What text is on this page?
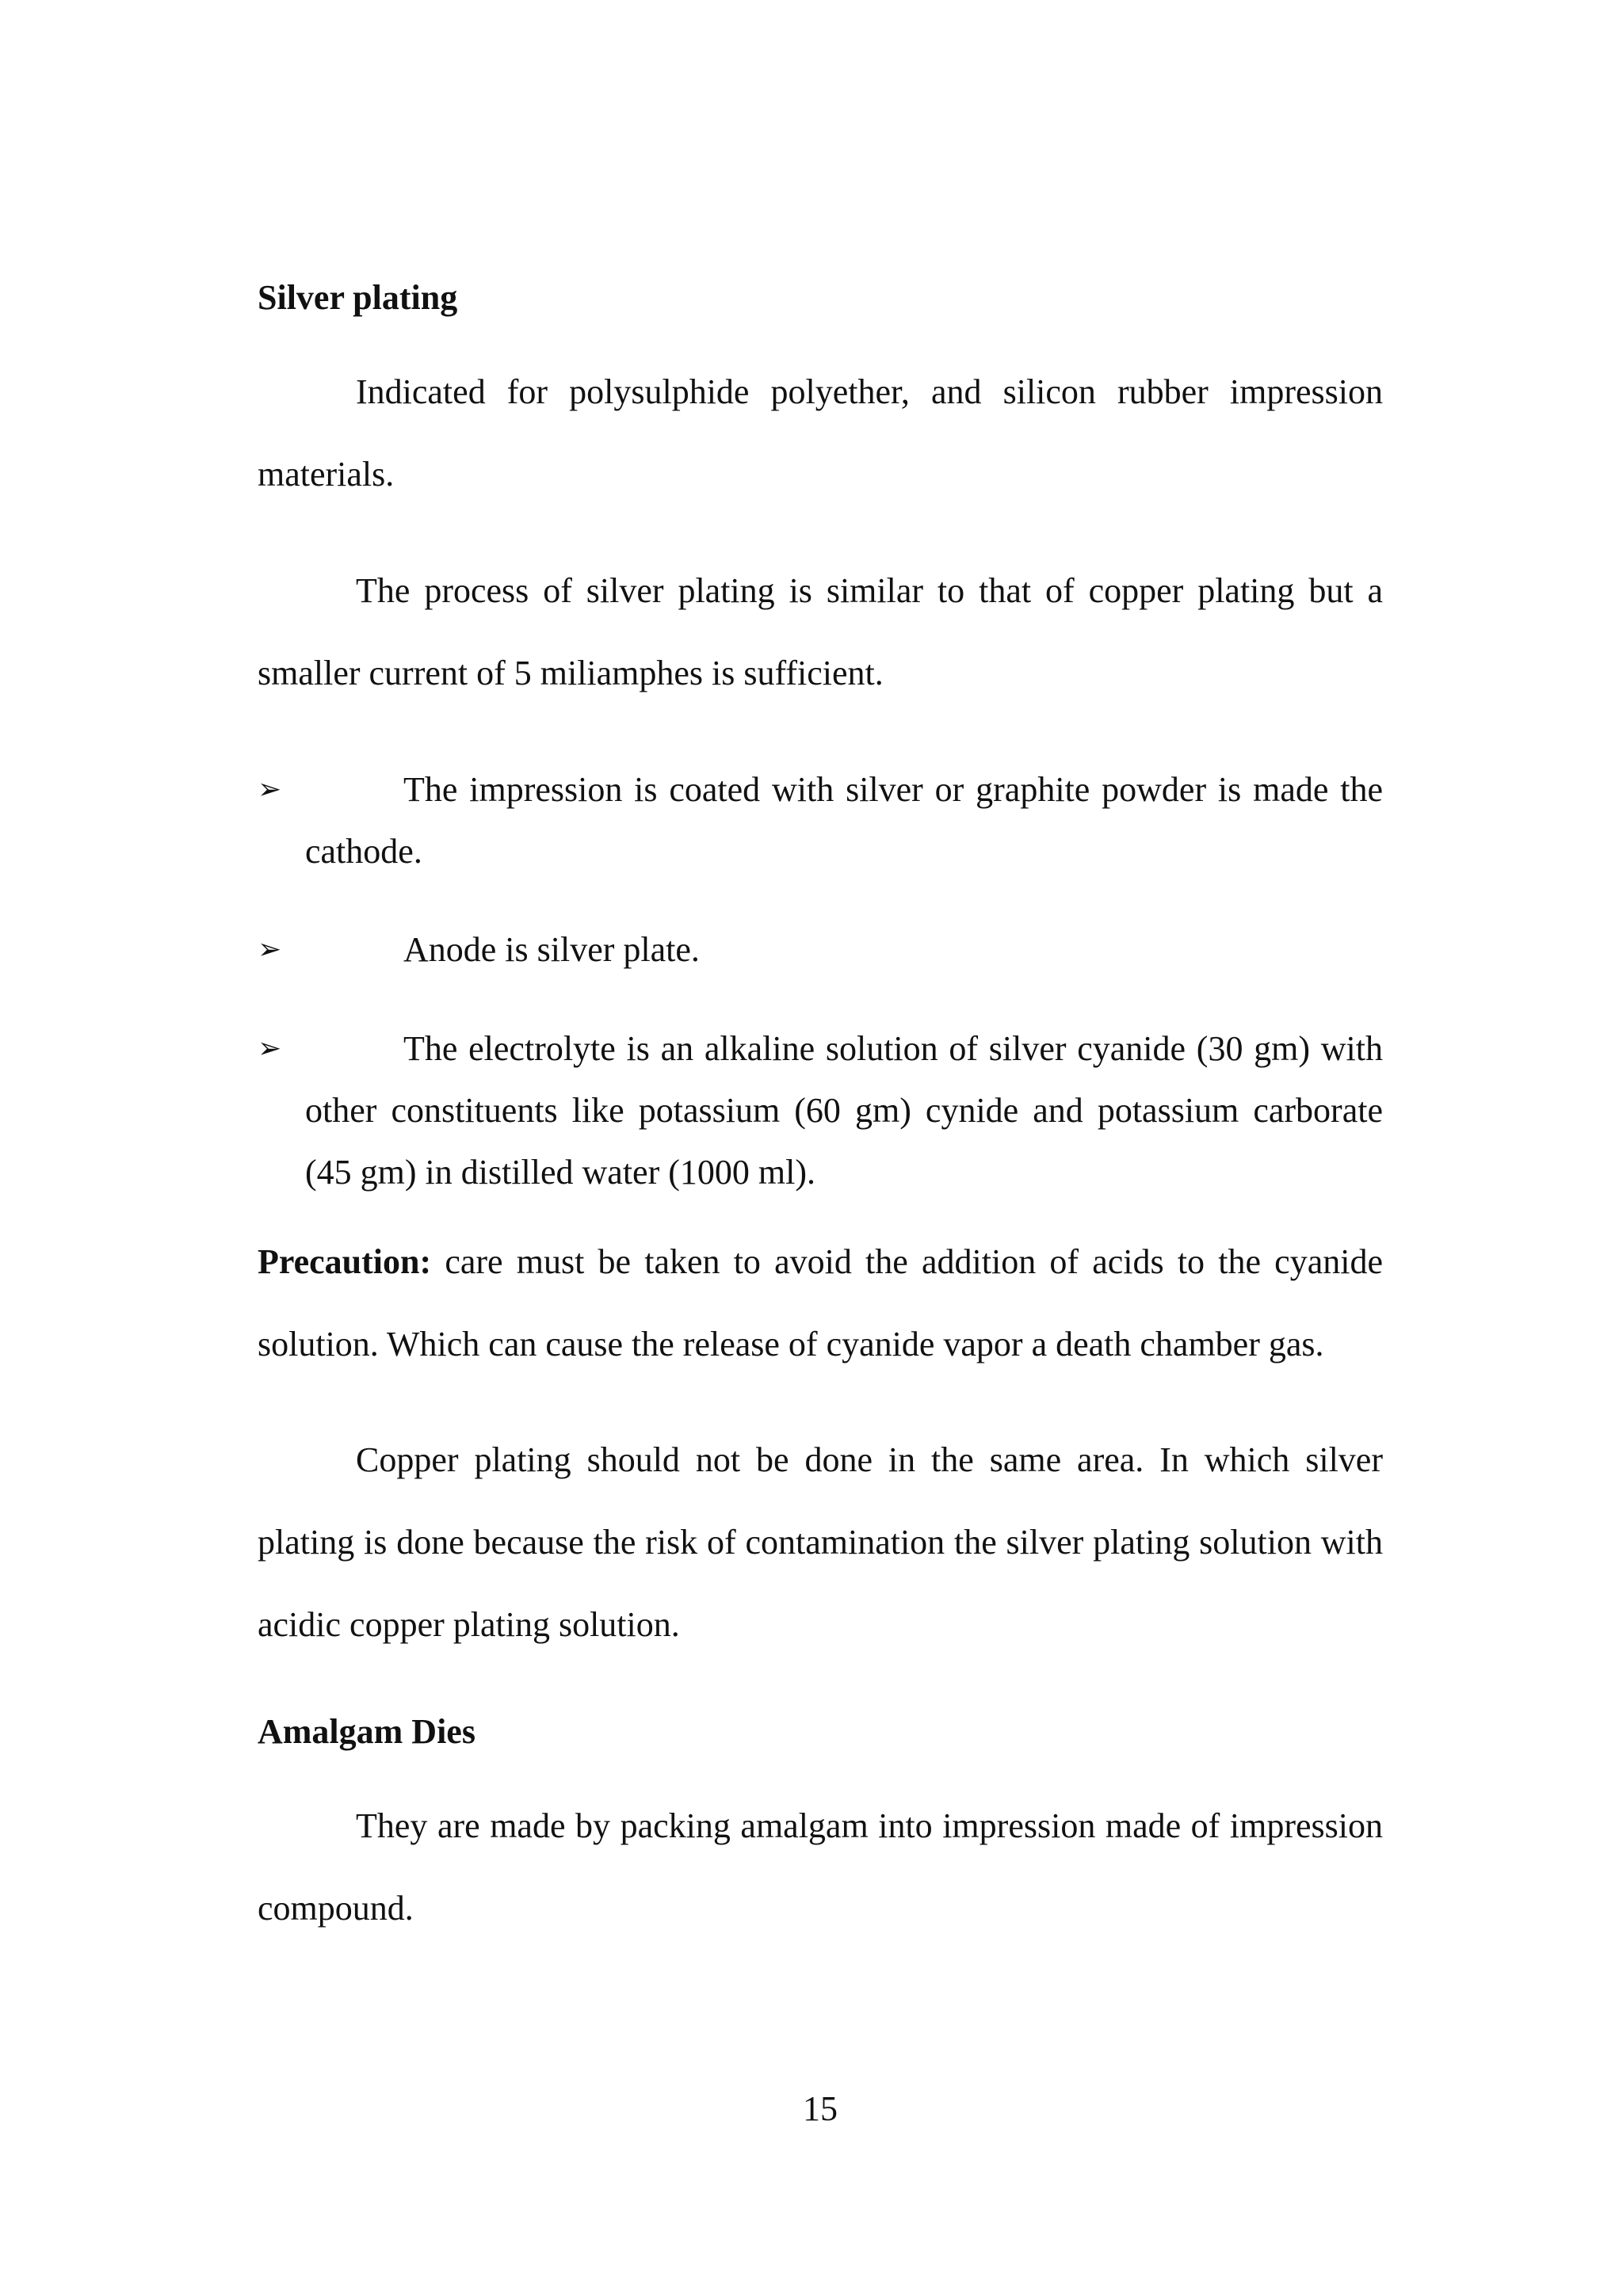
Silver plating

Indicated for polysulphide polyether, and silicon rubber impression materials.

The process of silver plating is similar to that of copper plating but a smaller current of 5 miliamphes is sufficient.

➢	The impression is coated with silver or graphite powder is made the cathode.
➢	Anode is silver plate.
➢	The electrolyte is an alkaline solution of silver cyanide (30 gm) with other constituents like potassium (60 gm) cynide and potassium carborate (45 gm) in distilled water (1000 ml).

Precaution: care must be taken to avoid the addition of acids to the cyanide solution. Which can cause the release of cyanide vapor a death chamber gas.

Copper plating should not be done in the same area. In which silver plating is done because the risk of contamination the silver plating solution with acidic copper plating solution.

Amalgam Dies

They are made by packing amalgam into impression made of impression compound.

15
